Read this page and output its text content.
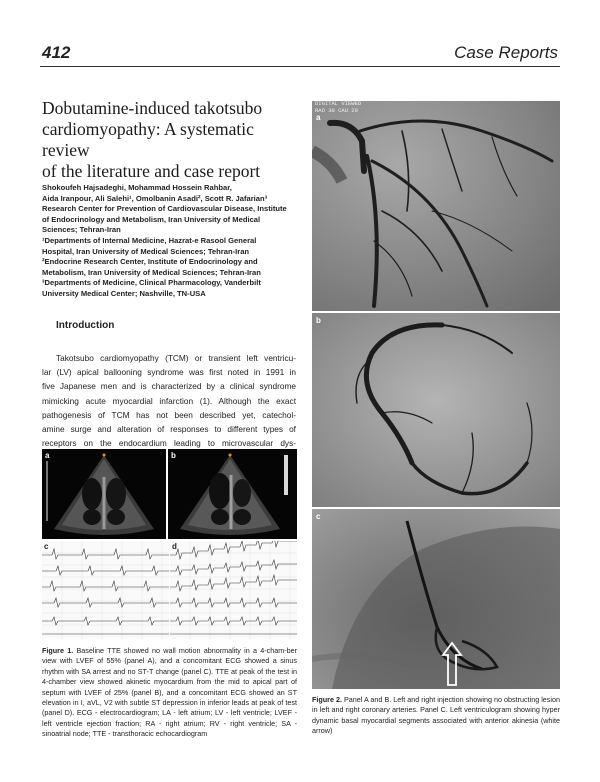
412	Case Reports
Dobutamine-induced takotsubo
cardiomyopathy: A systematic review
of the literature and case report
Shokoufeh Hajsadeghi, Mohammad Hossein Rahbar,
Aida Iranpour, Ali Salehi¹, Omolbanin Asadi², Scott R. Jafarian³
Research Center for Prevention of Cardiovascular Disease, Institute
of Endocrinology and Metabolism, Iran University of Medical
Sciences; Tehran-Iran
¹Departments of Internal Medicine, Hazrat-e Rasool General
Hospital, Iran University of Medical Sciences; Tehran-Iran
²Endocrine Research Center, Institute of Endocrinology and
Metabolism, Iran University of Medical Sciences; Tehran-Iran
³Departments of Medicine, Clinical Pharmacology, Vanderbilt
University Medical Center; Nashville, TN-USA
Introduction
Takotsubo cardiomyopathy (TCM) or transient left ventricu-
lar (LV) apical ballooning syndrome was first noted in 1991 in
five Japanese men and is characterized by a clinical syndrome
mimicking acute myocardial infarction (1). Although the exact
pathogenesis of TCM has not been described yet, catechol-
amine surge and alteration of responses to different types of
receptors on the endocardium leading to microvascular dys-
a	b
c	d
Figure 1. Baseline TTE showed no wall motion abnormality in a 4-cham-ber view with LVEF of 55% (panel A), and a concomitant ECG showed a sinus rhythm with SA arrest and no ST-T change (panel C). TTE at peak of the test in 4-chamber view showed akinetic myocardium from the mid to apical part of septum with LVEF of 25% (panel B), and a concomitant ECG showed an ST elevation in I, aVL, V2 with subtle ST depression in inferior leads at peak of test (panel D). ECG - electrocardiogram; LA - left atrium; LV - left ventricle; LVEF - left ventricle ejection fraction; RA - right atrium; RV - right ventricle; SA - sinoatrial node; TTE - transthoracic echocardiogram
DIGITAL VIEWED
RAO 30 CAU 20
a
b
c
Figure 2. Panel A and B. Left and right injection showing no obstructing lesion in left and right coronary arteries. Panel C. Left ventriculogram showing hyper dynamic basal myocardial segments associated with anterior akinesia (white arrow)
